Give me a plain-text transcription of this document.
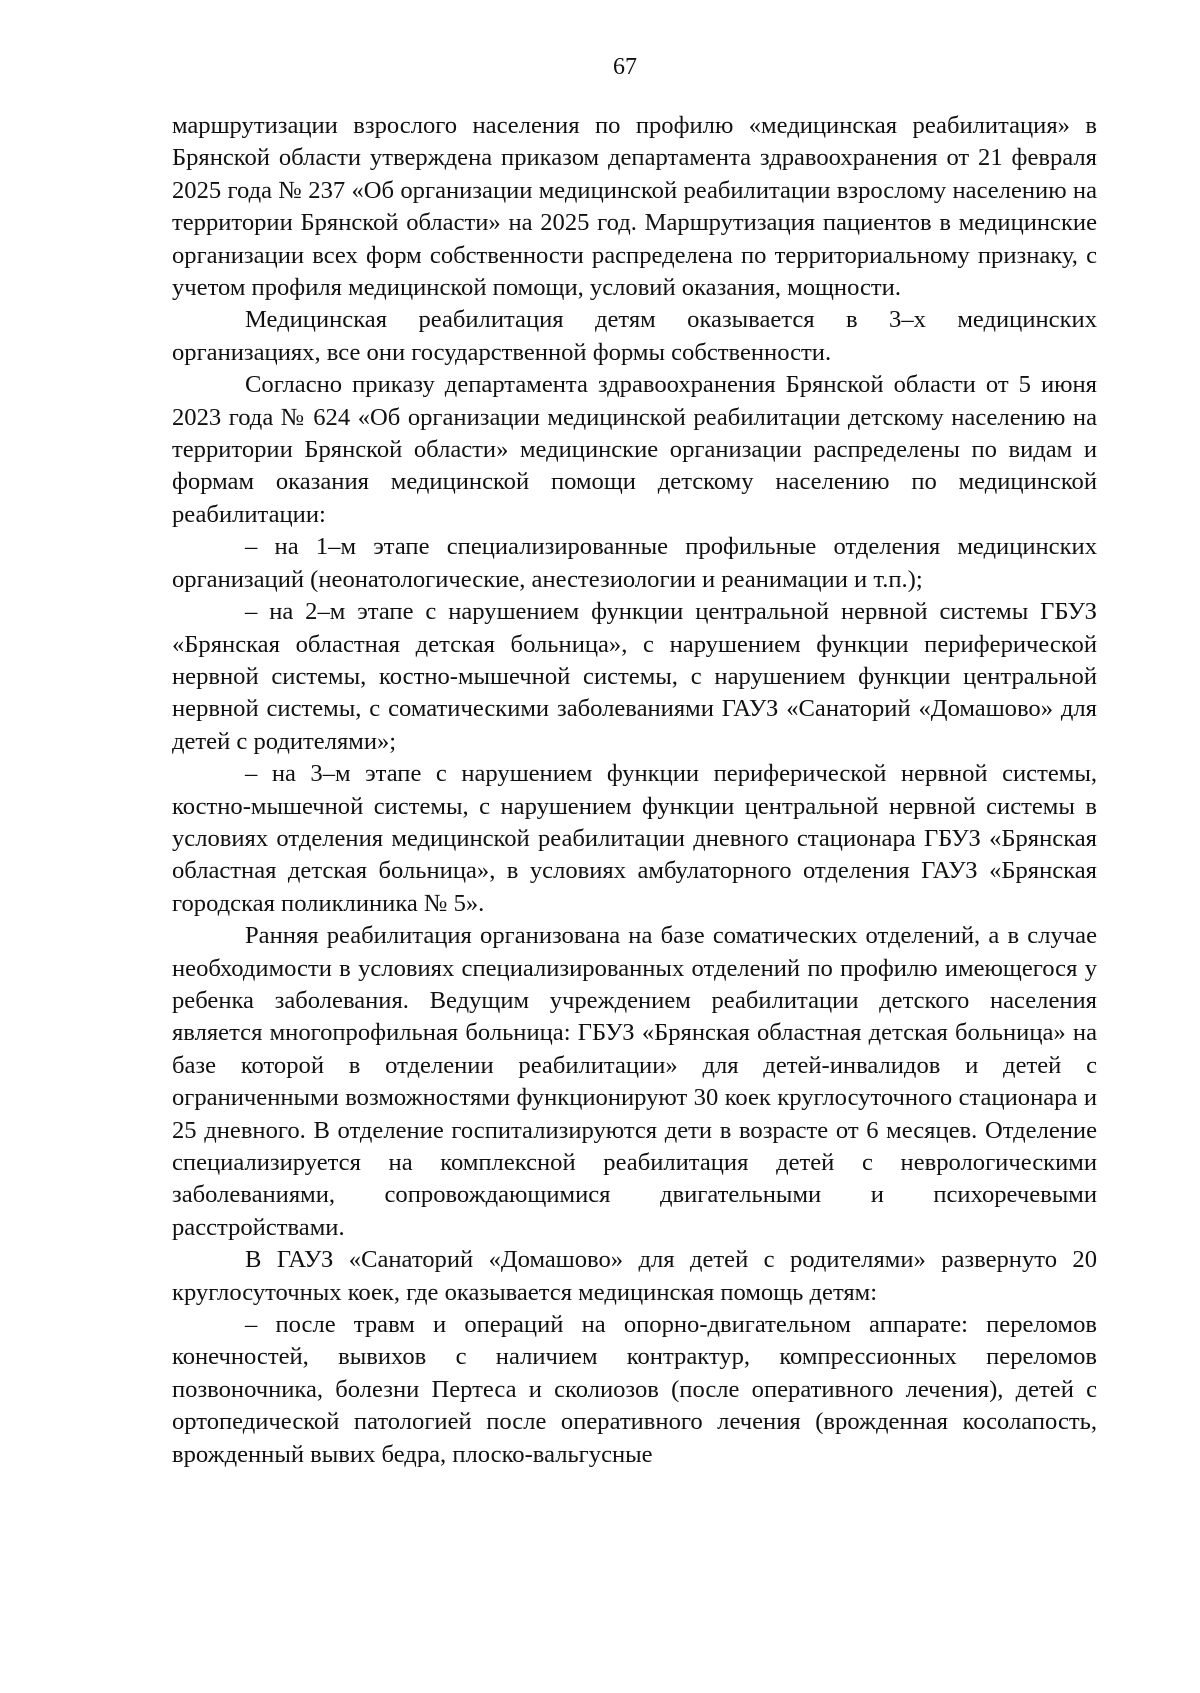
67

маршрутизации взрослого населения по профилю «медицинская реабилитация» в Брянской области утверждена приказом департамента здравоохранения от 21 февраля 2025 года № 237 «Об организации медицинской реабилитации взрослому населению на территории Брянской области» на 2025 год. Маршрутизация пациентов в медицинские организации всех форм собственности распределена по территориальному признаку, с учетом профиля медицинской помощи, условий оказания, мощности.

Медицинская реабилитация детям оказывается в 3–х медицинских организациях, все они государственной формы собственности.

Согласно приказу департамента здравоохранения Брянской области от 5 июня 2023 года № 624 «Об организации медицинской реабилитации детскому населению на территории Брянской области» медицинские организации распределены по видам и формам оказания медицинской помощи детскому населению по медицинской реабилитации:

– на 1–м этапе специализированные профильные отделения медицинских организаций (неонатологические, анестезиологии и реанимации и т.п.);

– на 2–м этапе с нарушением функции центральной нервной системы ГБУЗ «Брянская областная детская больница», с нарушением функции периферической нервной системы, костно-мышечной системы, с нарушением функции центральной нервной системы, с соматическими заболеваниями ГАУЗ «Санаторий «Домашово» для детей с родителями»;

– на 3–м этапе с нарушением функции периферической нервной системы, костно-мышечной системы, с нарушением функции центральной нервной системы в условиях отделения медицинской реабилитации дневного стационара ГБУЗ «Брянская областная детская больница», в условиях амбулаторного отделения ГАУЗ «Брянская городская поликлиника № 5».

Ранняя реабилитация организована на базе соматических отделений, а в случае необходимости в условиях специализированных отделений по профилю имеющегося у ребенка заболевания. Ведущим учреждением реабилитации детского населения является многопрофильная больница: ГБУЗ «Брянская областная детская больница» на базе которой в отделении реабилитации» для детей-инвалидов и детей с ограниченными возможностями функционируют 30 коек круглосуточного стационара и 25 дневного. В отделение госпитализируются дети в возрасте от 6 месяцев. Отделение специализируется на комплексной реабилитация детей с неврологическими заболеваниями, сопровождающимися двигательными и психоречевыми расстройствами.

В ГАУЗ «Санаторий «Домашово» для детей с родителями» развернуто 20 круглосуточных коек, где оказывается медицинская помощь детям:

– после травм и операций на опорно-двигательном аппарате: переломов конечностей, вывихов с наличием контрактур, компрессионных переломов позвоночника, болезни Пертеса и сколиозов (после оперативного лечения), детей с ортопедической патологией после оперативного лечения (врожденная косолапость, врожденный вывих бедра, плоско-вальгусные
